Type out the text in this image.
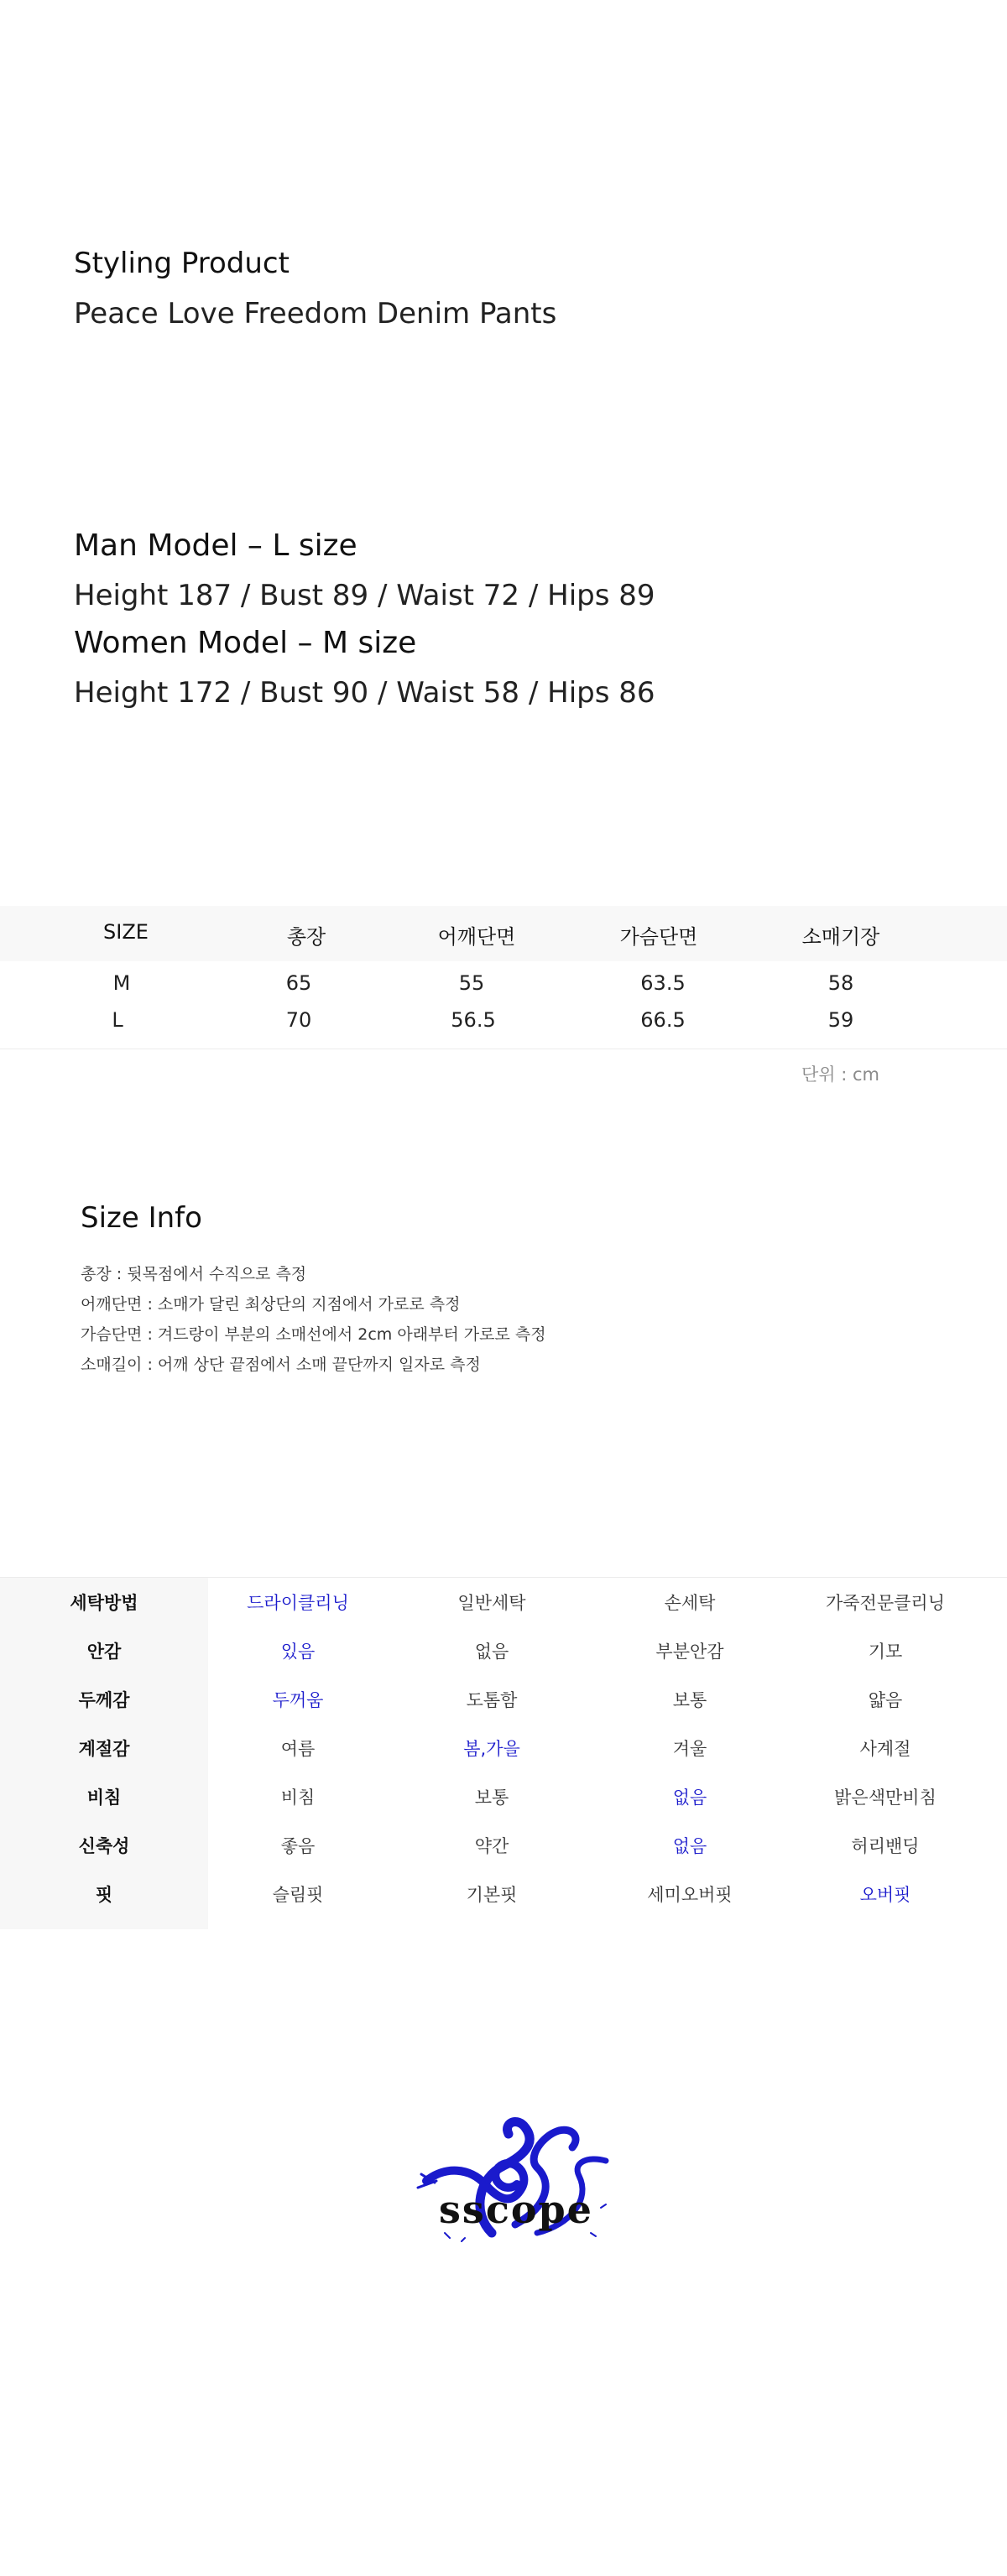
Styling Product
Peace Love Freedom Denim Pants
Man Model – L size
Height 187 / Bust 89 / Waist 72 / Hips 89
Women Model – M size
Height 172 / Bust 90 / Waist 58 / Hips 86
SIZE	총장	어깨단면	가슴단면	소매기장
M	65	55	63.5	58
L	70	56.5	66.5	59
단위 : cm
Size Info
총장 : 뒷목점에서 수직으로 측정
어깨단면 : 소매가 달린 최상단의 지점에서 가로로 측정
가슴단면 : 겨드랑이 부분의 소매선에서 2cm 아래부터 가로로 측정
소매길이 : 어깨 상단 끝점에서 소매 끝단까지 일자로 측정
세탁방법	드라이클리닝	일반세탁	손세탁	가죽전문클리닝
안감	있음	없음	부분안감	기모
두께감	두꺼움	도톰함	보통	얇음
계절감	여름	봄,가을	겨울	사계절
비침	비침	보통	없음	밝은색만비침
신축성	좋음	약간	없음	허리밴딩
핏	슬림핏	기본핏	세미오버핏	오버핏
sscope
